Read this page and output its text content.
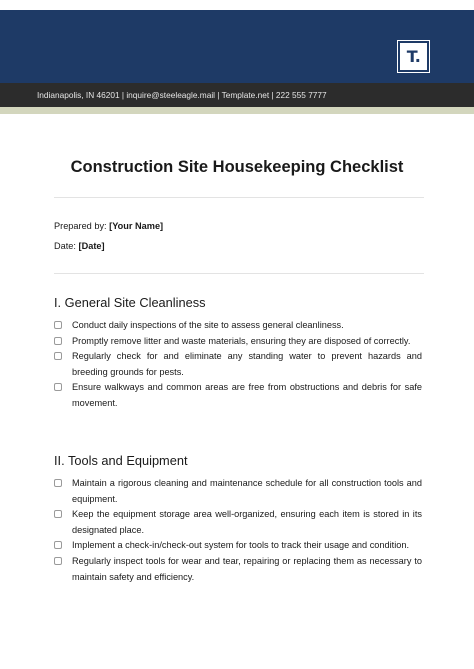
T.
Indianapolis, IN 46201 | inquire@steeleagle.mail | Template.net | 222 555 7777
Construction Site Housekeeping Checklist
Prepared by: [Your Name]
Date: [Date]
I. General Site Cleanliness
Conduct daily inspections of the site to assess general cleanliness.
Promptly remove litter and waste materials, ensuring they are disposed of correctly.
Regularly check for and eliminate any standing water to prevent hazards and breeding grounds for pests.
Ensure walkways and common areas are free from obstructions and debris for safe movement.
II. Tools and Equipment
Maintain a rigorous cleaning and maintenance schedule for all construction tools and equipment.
Keep the equipment storage area well-organized, ensuring each item is stored in its designated place.
Implement a check-in/check-out system for tools to track their usage and condition.
Regularly inspect tools for wear and tear, repairing or replacing them as necessary to maintain safety and efficiency.
